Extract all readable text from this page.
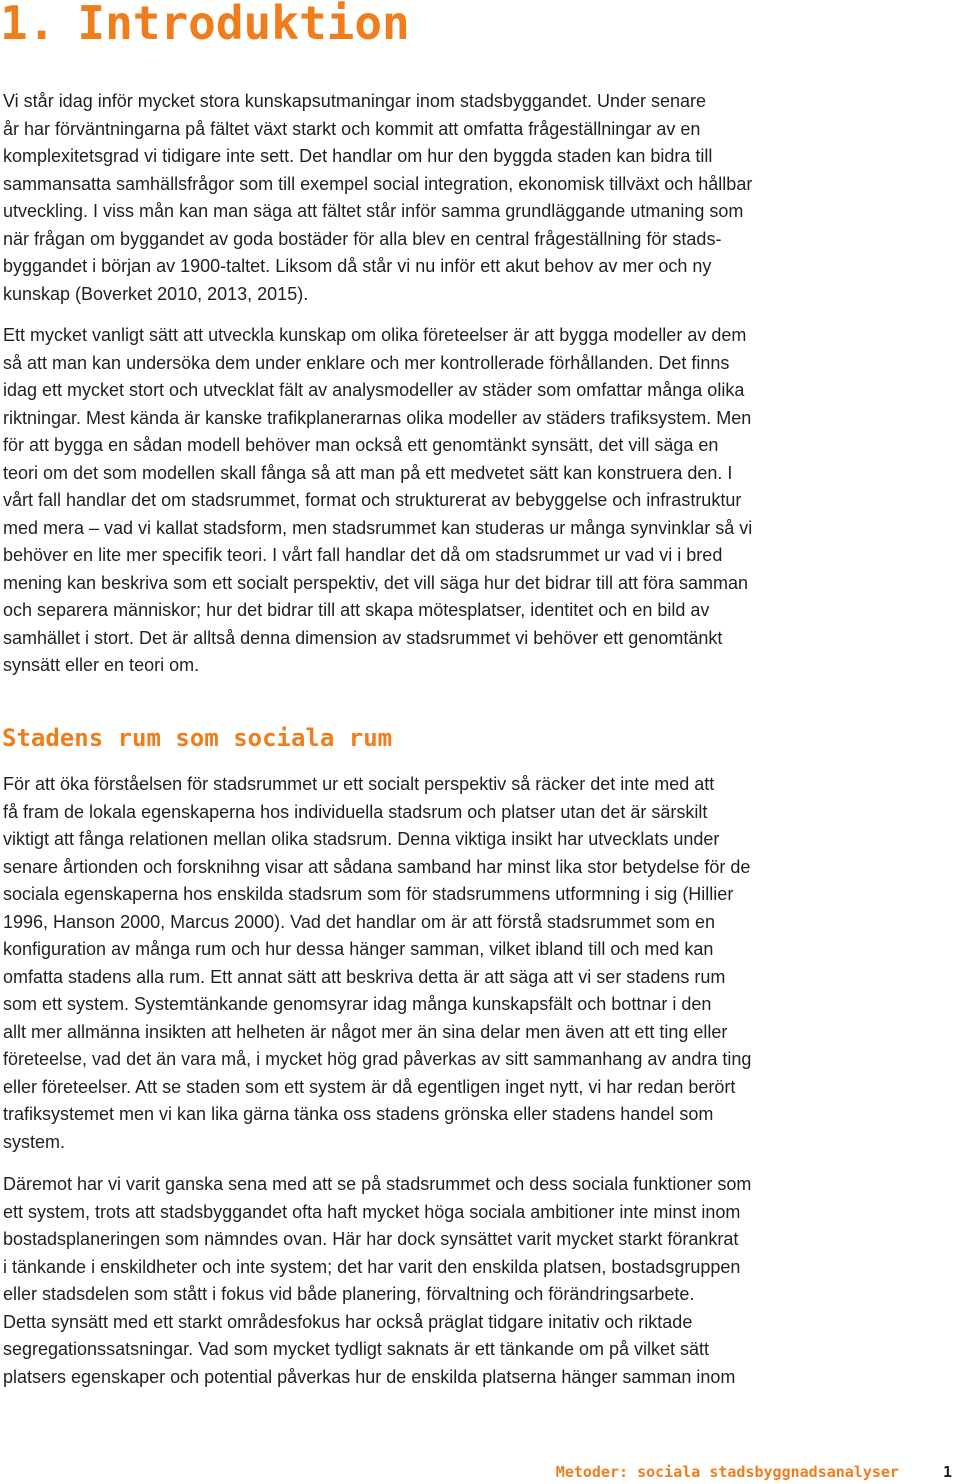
1. Introduktion

Vi står idag inför mycket stora kunskapsutmaningar inom stadsbyggandet. Under senare
år har förväntningarna på fältet växt starkt och kommit att omfatta frågeställningar av en
komplexitetsgrad vi tidigare inte sett. Det handlar om hur den byggda staden kan bidra till
sammansatta samhällsfrågor som till exempel social integration, ekonomisk tillväxt och hållbar
utveckling. I viss mån kan man säga att fältet står inför samma grundläggande utmaning som
när frågan om byggandet av goda bostäder för alla blev en central frågeställning för stads-
byggandet i början av 1900-taltet. Liksom då står vi nu inför ett akut behov av mer och ny
kunskap (Boverket 2010, 2013, 2015).

Ett mycket vanligt sätt att utveckla kunskap om olika företeelser är att bygga modeller av dem
så att man kan undersöka dem under enklare och mer kontrollerade förhållanden. Det finns
idag ett mycket stort och utvecklat fält av analysmodeller av städer som omfattar många olika
riktningar. Mest kända är kanske trafikplanerarnas olika modeller av städers trafiksystem. Men
för att bygga en sådan modell behöver man också ett genomtänkt synsätt, det vill säga en
teori om det som modellen skall fånga så att man på ett medvetet sätt kan konstruera den. I
vårt fall handlar det om stadsrummet, format och strukturerat av bebyggelse och infrastruktur
med mera – vad vi kallat stadsform, men stadsrummet kan studeras ur många synvinklar så vi
behöver en lite mer specifik teori. I vårt fall handlar det då om stadsrummet ur vad vi i bred
mening kan beskriva som ett socialt perspektiv, det vill säga hur det bidrar till att föra samman
och separera människor; hur det bidrar till att skapa mötesplatser, identitet och en bild av
samhället i stort. Det är alltså denna dimension av stadsrummet vi behöver ett genomtänkt
synsätt eller en teori om.

Stadens rum som sociala rum

För att öka förståelsen för stadsrummet ur ett socialt perspektiv så räcker det inte med att
få fram de lokala egenskaperna hos individuella stadsrum och platser utan det är särskilt
viktigt att fånga relationen mellan olika stadsrum. Denna viktiga insikt har utvecklats under
senare årtionden och forsknihng visar att sådana samband har minst lika stor betydelse för de
sociala egenskaperna hos enskilda stadsrum som för stadsrummens utformning i sig (Hillier
1996, Hanson 2000, Marcus 2000). Vad det handlar om är att förstå stadsrummet som en
konfiguration av många rum och hur dessa hänger samman, vilket ibland till och med kan
omfatta stadens alla rum. Ett annat sätt att beskriva detta är att säga att vi ser stadens rum
som ett system. Systemtänkande genomsyrar idag många kunskapsfält och bottnar i den
allt mer allmänna insikten att helheten är något mer än sina delar men även att ett ting eller
företeelse, vad det än vara må, i mycket hög grad påverkas av sitt sammanhang av andra ting
eller företeelser. Att se staden som ett system är då egentligen inget nytt, vi har redan berört
trafiksystemet men vi kan lika gärna tänka oss stadens grönska eller stadens handel som
system.

Däremot har vi varit ganska sena med att se på stadsrummet och dess sociala funktioner som
ett system, trots att stadsbyggandet ofta haft mycket höga sociala ambitioner inte minst inom
bostadsplaneringen som nämndes ovan. Här har dock synsättet varit mycket starkt förankrat
i tänkande i enskildheter och inte system; det har varit den enskilda platsen, bostadsgruppen
eller stadsdelen som stått i fokus vid både planering, förvaltning och förändringsarbete.
Detta synsätt med ett starkt områdesfokus har också präglat tidgare initativ och riktade
segregationssatsningar. Vad som mycket tydligt saknats är ett tänkande om på vilket sätt
platsers egenskaper och potential påverkas hur de enskilda platserna hänger samman inom

Metoder: sociala stadsbyggnadsanalyser	1
